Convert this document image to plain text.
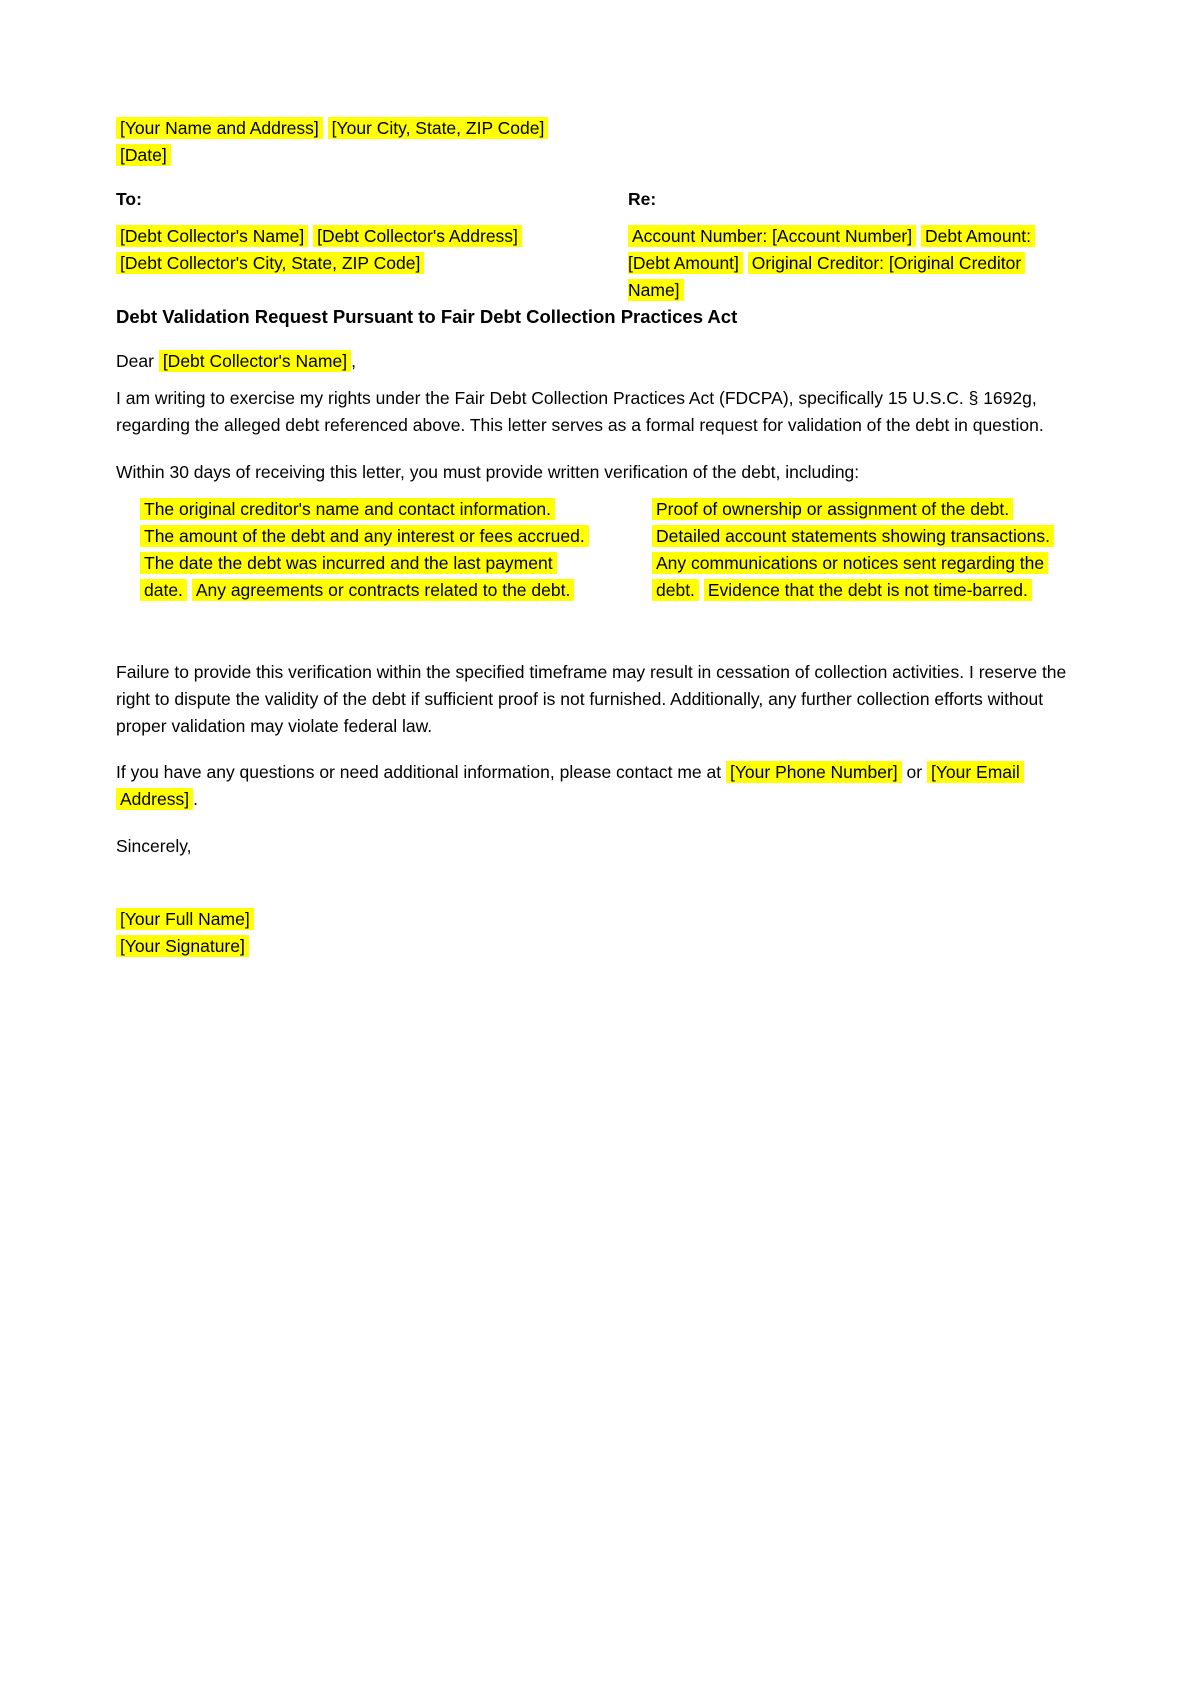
[Your Name and Address] [Your City, State, ZIP Code]
[Date]
To:	Re:
[Debt Collector's Name] [Debt Collector's Address]
[Debt Collector's City, State, ZIP Code]
Account Number: [Account Number] Debt Amount:
[Debt Amount] Original Creditor: [Original Creditor
Name]
Debt Validation Request Pursuant to Fair Debt Collection Practices Act
Dear [Debt Collector's Name] ,
I am writing to exercise my rights under the Fair Debt Collection Practices Act (FDCPA), specifically 15 U.S.C. § 1692g, regarding the alleged debt referenced above. This letter serves as a formal request for validation of the debt in question.
Within 30 days of receiving this letter, you must provide written verification of the debt, including:
The original creditor's name and contact information. The amount of the debt and any interest or fees accrued. The date the debt was incurred and the last payment date. Any agreements or contracts related to the debt.
Proof of ownership or assignment of the debt.
Detailed account statements showing transactions.
Any communications or notices sent regarding the debt. Evidence that the debt is not time-barred.
Failure to provide this verification within the specified timeframe may result in cessation of collection activities. I reserve the right to dispute the validity of the debt if sufficient proof is not furnished. Additionally, any further collection efforts without proper validation may violate federal law.
If you have any questions or need additional information, please contact me at [Your Phone Number] or [Your Email Address] .
Sincerely,
[Your Full Name]
[Your Signature]
